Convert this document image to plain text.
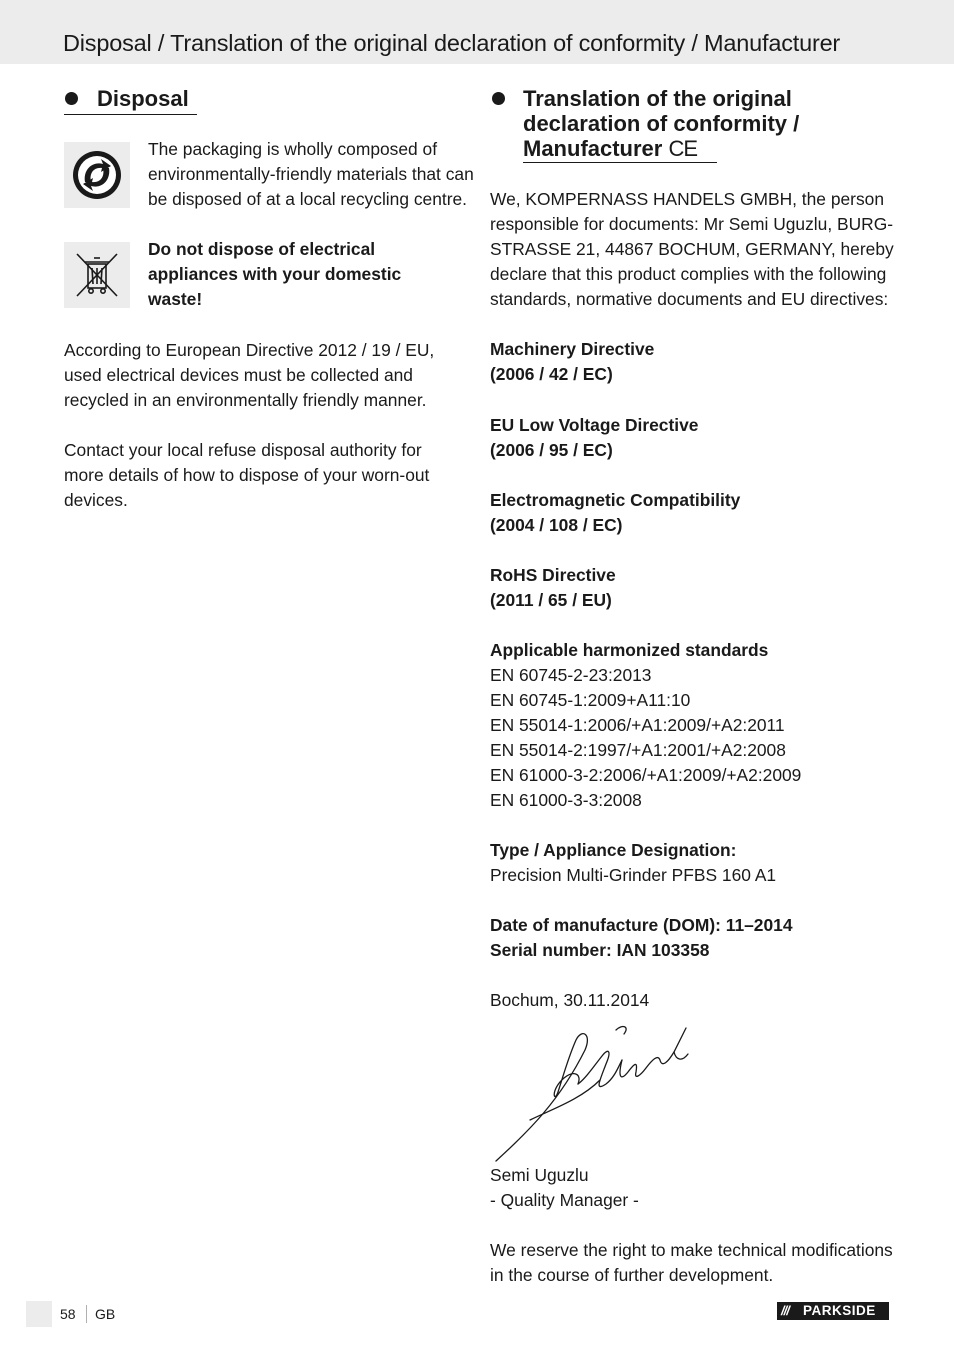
Disposal / Translation of the original declaration of conformity / Manufacturer
Disposal
The packaging is wholly composed of
environmentally-friendly materials that can
be disposed of at a local recycling centre.
Do not dispose of electrical
appliances with your domestic
waste!
According to European Directive 2012 / 19 / EU,
used electrical devices must be collected and
recycled in an environmentally friendly manner.
Contact your local refuse disposal authority for
more details of how to dispose of your worn-out
devices.
Translation of the original
declaration of conformity /
Manufacturer CE
We, KOMPERNASS HANDELS GMBH, the person
responsible for documents: Mr Semi Uguzlu, BURG-
STRASSE 21, 44867 BOCHUM, GERMANY, hereby
declare that this product complies with the following
standards, normative documents and EU directives:
Machinery Directive
(2006 / 42 / EC)
EU Low Voltage Directive
(2006 / 95 / EC)
Electromagnetic Compatibility
(2004 / 108 / EC)
RoHS Directive
(2011 / 65 / EU)
Applicable harmonized standards
EN 60745-2-23:2013
EN 60745-1:2009+A11:10
EN 55014-1:2006/+A1:2009/+A2:2011
EN 55014-2:1997/+A1:2001/+A2:2008
EN 61000-3-2:2006/+A1:2009/+A2:2009
EN 61000-3-3:2008
Type / Appliance Designation:
Precision Multi-Grinder PFBS 160 A1
Date of manufacture (DOM): 11–2014
Serial number: IAN 103358
Bochum, 30.11.2014
Semi Uguzlu
- Quality Manager -
We reserve the right to make technical modifications
in the course of further development.
58 GB	/// PARKSIDE
